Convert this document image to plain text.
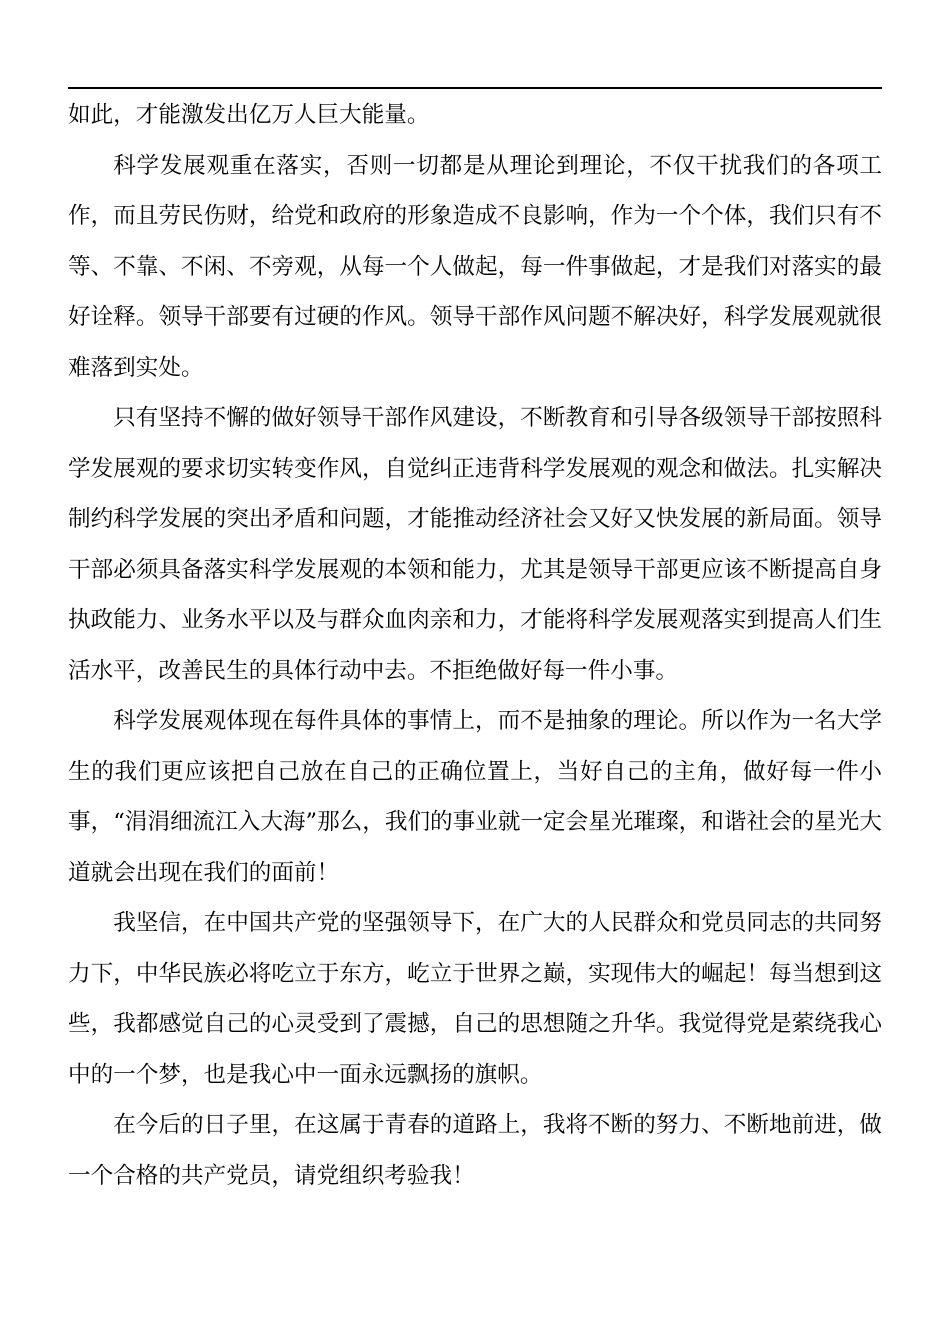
如此，才能激发出亿万人巨大能量。

科学发展观重在落实，否则一切都是从理论到理论，不仅干扰我们的各项工作，而且劳民伤财，给党和政府的形象造成不良影响，作为一个个体，我们只有不等、不靠、不闲、不旁观，从每一个人做起，每一件事做起，才是我们对落实的最好诠释。领导干部要有过硬的作风。领导干部作风问题不解决好，科学发展观就很难落到实处。

只有坚持不懈的做好领导干部作风建设，不断教育和引导各级领导干部按照科学发展观的要求切实转变作风，自觉纠正违背科学发展观的观念和做法。扎实解决制约科学发展的突出矛盾和问题，才能推动经济社会又好又快发展的新局面。领导干部必须具备落实科学发展观的本领和能力，尤其是领导干部更应该不断提高自身执政能力、业务水平以及与群众血肉亲和力，才能将科学发展观落实到提高人们生活水平，改善民生的具体行动中去。不拒绝做好每一件小事。

科学发展观体现在每件具体的事情上，而不是抽象的理论。所以作为一名大学生的我们更应该把自己放在自己的正确位置上，当好自己的主角，做好每一件小事，“涓涓细流江入大海”那么，我们的事业就一定会星光璀璨，和谐社会的星光大道就会出现在我们的面前！

我坚信，在中国共产党的坚强领导下，在广大的人民群众和党员同志的共同努力下，中华民族必将吃立于东方，屹立于世界之巅，实现伟大的崛起！每当想到这些，我都感觉自己的心灵受到了震撼，自己的思想随之升华。我觉得党是萦绕我心中的一个梦，也是我心中一面永远飘扬的旗帜。

在今后的日子里，在这属于青春的道路上，我将不断的努力、不断地前进，做一个合格的共产党员，请党组织考验我！
